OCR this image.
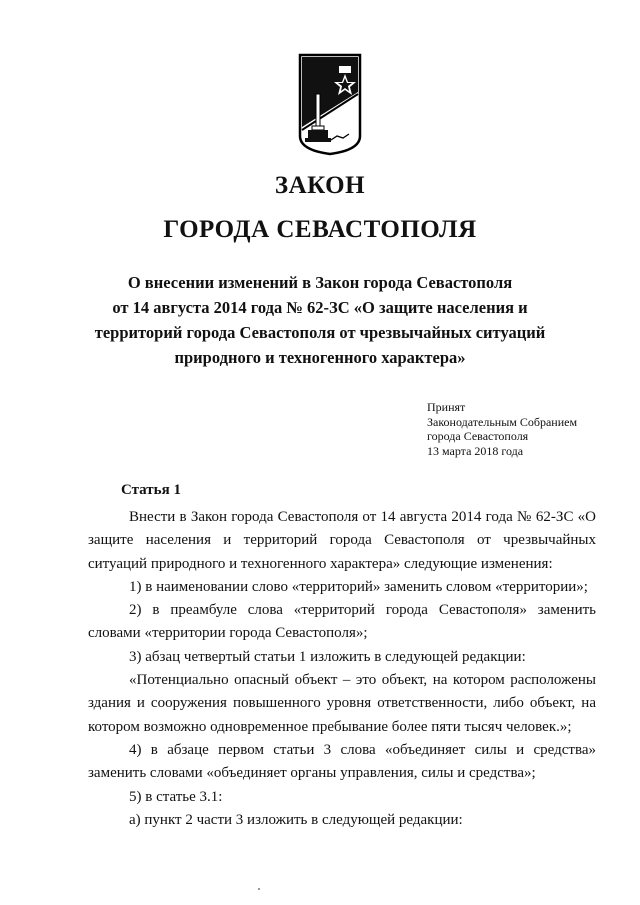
ЗАКОН
ГОРОДА СЕВАСТОПОЛЯ
О внесении изменений в Закон города Севастополя
от 14 августа 2014 года № 62-ЗС «О защите населения и
территорий города Севастополя от чрезвычайных ситуаций
природного и техногенного характера»
Принят
Законодательным Собранием
города Севастополя
13 марта 2018 года
Статья 1

Внести в Закон города Севастополя от 14 августа 2014 года № 62-ЗС «О защите населения и территорий города Севастополя от чрезвычайных ситуаций природного и техногенного характера» следующие изменения:

1) в наименовании слово «территорий» заменить словом «территории»;

2) в преамбуле слова «территорий города Севастополя» заменить словами «территории города Севастополя»;

3) абзац четвертый статьи 1 изложить в следующей редакции:

«Потенциально опасный объект – это объект, на котором расположены здания и сооружения повышенного уровня ответственности, либо объект, на котором возможно одновременное пребывание более пяти тысяч человек.»;

4) в абзаце первом статьи 3 слова «объединяет силы и средства» заменить словами «объединяет органы управления, силы и средства»;

5) в статье 3.1:

а) пункт 2 части 3 изложить в следующей редакции:
